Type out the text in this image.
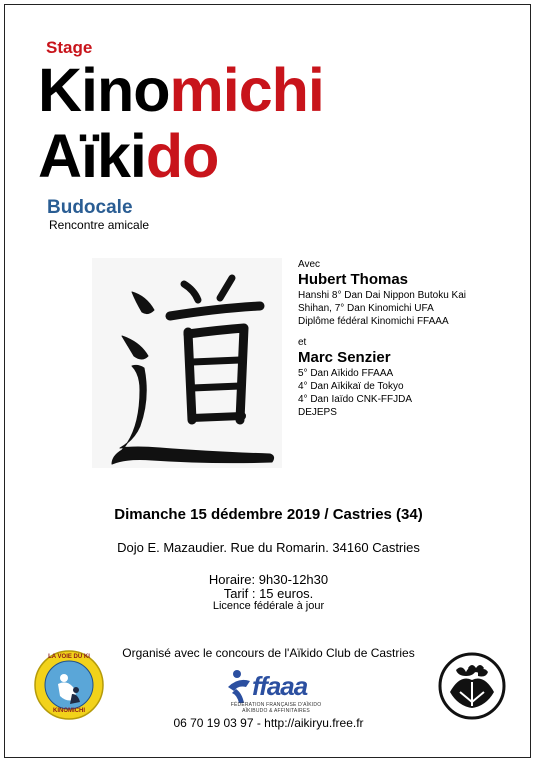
Stage
Kinomichi
Aïkido
Budocale
Rencontre amicale
Avec
Hubert Thomas
Hanshi 8° Dan Dai Nippon Butoku Kai
Shihan, 7° Dan Kinomichi UFA
Diplôme fédéral Kinomichi FFAAA
et
Marc Senzier
5° Dan Aïkido FFAAA
4° Dan Aïkikaï de Tokyo
4° Dan Iaïdo CNK-FFJDA
DEJEPS
Dimanche 15 dédembre 2019 / Castries (34)
Dojo E. Mazaudier. Rue du Romarin. 34160 Castries
Horaire: 9h30-12h30
Tarif : 15 euros.
Licence fédérale à jour
Organisé avec le concours de l'Aïkido Club de Castries
LA VOIE DU KI
KINOMICHI
ffaaa
FÉDÉRATION FRANÇAISE D'AÏKIDO
AÏKIBUDO & AFFINITAIRES
06 70 19 03 97 - http://aikiryu.free.fr
